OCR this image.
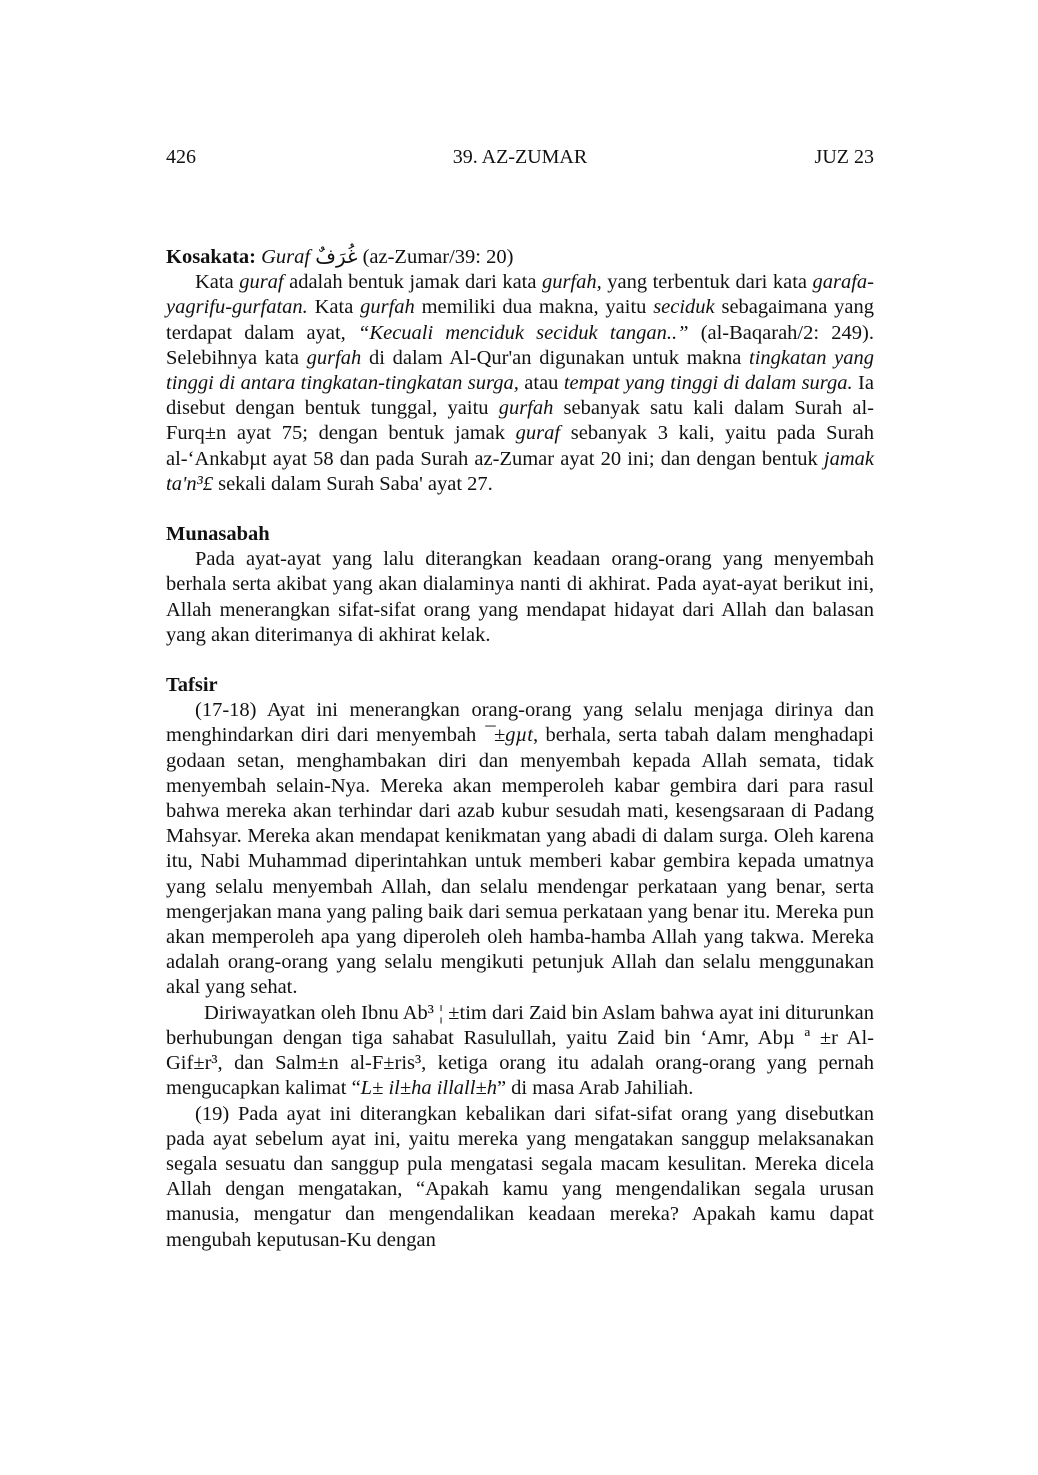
426	39. AZ-ZUMAR	JUZ 23

Kosakata: Guraf غُرَفٌ (az-Zumar/39: 20)

Kata guraf adalah bentuk jamak dari kata gurfah, yang terbentuk dari kata garafa-yagrifu-gurfatan. Kata gurfah memiliki dua makna, yaitu seciduk sebagaimana yang terdapat dalam ayat, “Kecuali menciduk seciduk tangan..” (al-Baqarah/2: 249). Selebihnya kata gurfah di dalam Al-Qur'an digunakan untuk makna tingkatan yang tinggi di antara tingkatan-tingkatan surga, atau tempat yang tinggi di dalam surga. Ia disebut dengan bentuk tunggal, yaitu gurfah sebanyak satu kali dalam Surah al-Furq±n ayat 75; dengan bentuk jamak guraf sebanyak 3 kali, yaitu pada Surah al-‘Ankabµt ayat 58 dan pada Surah az-Zumar ayat 20 ini; dan dengan bentuk jamak ta'n³£ sekali dalam Surah Saba' ayat 27.

Munasabah

Pada ayat-ayat yang lalu diterangkan keadaan orang-orang yang menyembah berhala serta akibat yang akan dialaminya nanti di akhirat. Pada ayat-ayat berikut ini, Allah menerangkan sifat-sifat orang yang mendapat hidayat dari Allah dan balasan yang akan diterimanya di akhirat kelak.

Tafsir

(17-18) Ayat ini menerangkan orang-orang yang selalu menjaga dirinya dan menghindarkan diri dari menyembah ¯±gµt, berhala, serta tabah dalam menghadapi godaan setan, menghambakan diri dan menyembah kepada Allah semata, tidak menyembah selain-Nya. Mereka akan memperoleh kabar gembira dari para rasul bahwa mereka akan terhindar dari azab kubur sesudah mati, kesengsaraan di Padang Mahsyar. Mereka akan mendapat kenikmatan yang abadi di dalam surga. Oleh karena itu, Nabi Muhammad diperintahkan untuk memberi kabar gembira kepada umatnya yang selalu menyembah Allah, dan selalu mendengar perkataan yang benar, serta mengerjakan mana yang paling baik dari semua perkataan yang benar itu. Mereka pun akan memperoleh apa yang diperoleh oleh hamba-hamba Allah yang takwa. Mereka adalah orang-orang yang selalu mengikuti petunjuk Allah dan selalu menggunakan akal yang sehat.

Diriwayatkan oleh Ibnu Ab³ ¦ ±tim dari Zaid bin Aslam bahwa ayat ini diturunkan berhubungan dengan tiga sahabat Rasulullah, yaitu Zaid bin ‘Amr, Abµ ª ±r Al-Gif±r³, dan Salm±n al-F±ris³, ketiga orang itu adalah orang-orang yang pernah mengucapkan kalimat “L± il±ha illall±h” di masa Arab Jahiliah.

(19) Pada ayat ini diterangkan kebalikan dari sifat-sifat orang yang disebutkan pada ayat sebelum ayat ini, yaitu mereka yang mengatakan sanggup melaksanakan segala sesuatu dan sanggup pula mengatasi segala macam kesulitan. Mereka dicela Allah dengan mengatakan, “Apakah kamu yang mengendalikan segala urusan manusia, mengatur dan mengendalikan keadaan mereka? Apakah kamu dapat mengubah keputusan-Ku dengan
